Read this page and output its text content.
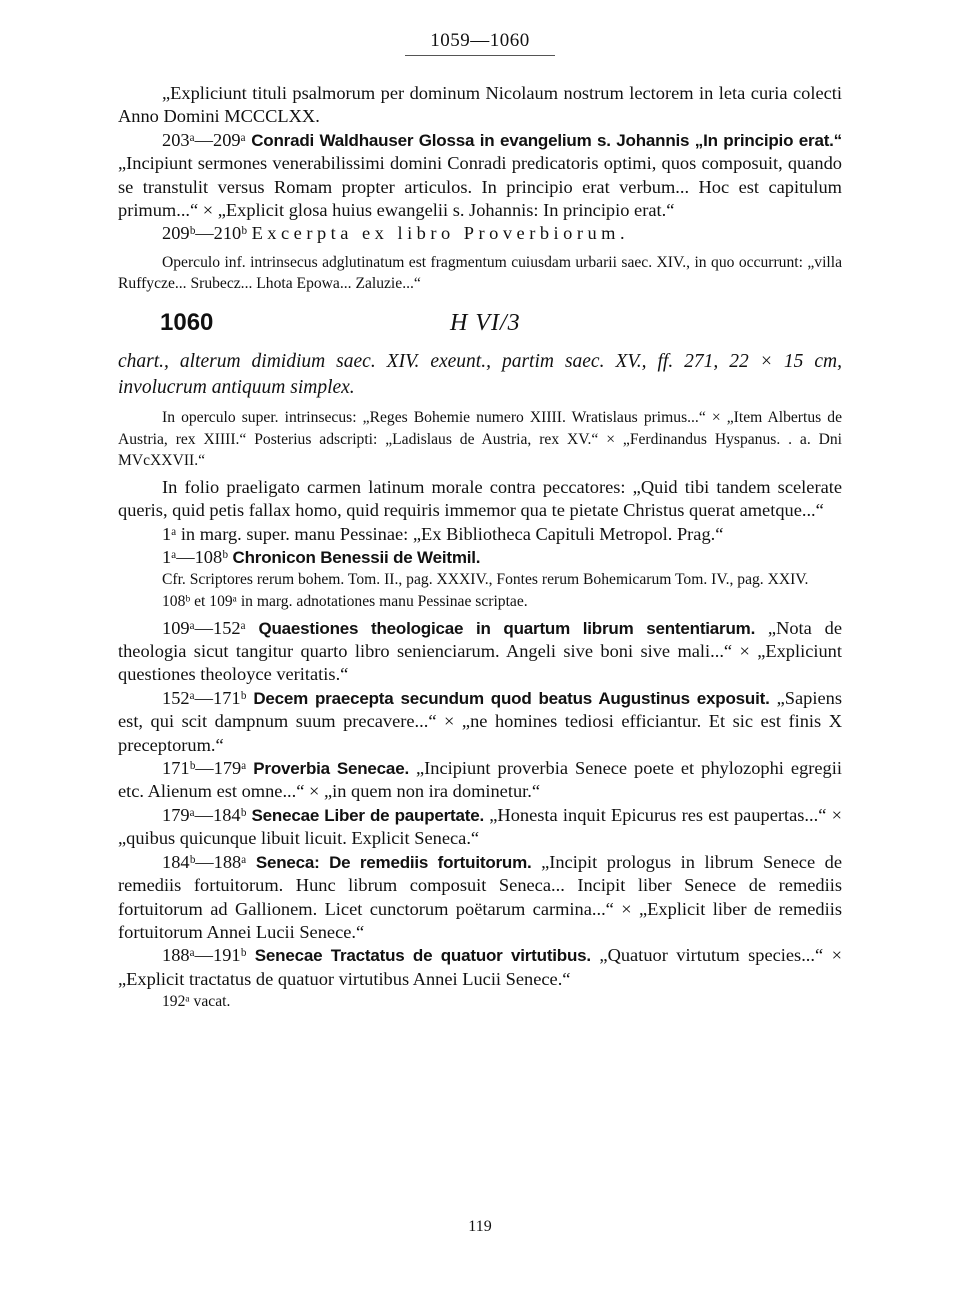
1059—1060

„Expliciunt tituli psalmorum per dominum Nicolaum nostrum lectorem in leta curia colecti Anno Domini MCCCLXX.

203ᵃ—209ᵃ Conradi Waldhauser Glossa in evangelium s. Johannis „In principio erat.“ „Incipiunt sermones venerabilissimi domini Conradi predicatoris optimi, quos composuit, quando se transtulit versus Romam propter articulos. In principio erat verbum... Hoc est capitulum primum...“ × „Explicit glosa huius ewangelii s. Johannis: In principio erat.“

209ᵇ—210ᵇ Excerpta ex libro Proverbiorum.

Operculo inf. intrinsecus adglutinatum est fragmentum cuiusdam urbarii saec. XIV., in quo occurrunt: „villa Ruffycze... Srubecz... Lhota Epowa... Zaluzie...“

1060	H VI/3

chart., alterum dimidium saec. XIV. exeunt., partim saec. XV., ff. 271, 22 × 15 cm, involucrum antiquum simplex.

In operculo super. intrinsecus: „Reges Bohemie numero XIIII. Wratislaus primus...“ × „Item Albertus de Austria, rex XIIII.“ Posterius adscripti: „Ladislaus de Austria, rex XV.“ × „Ferdinandus Hyspanus. . a. Dni MVcXXVII.“

In folio praeligato carmen latinum morale contra peccatores: „Quid tibi tandem scelerate queris, quid petis fallax homo, quid requiris immemor qua te pietate Christus querat ametque...“

1ᵃ in marg. super. manu Pessinae: „Ex Bibliotheca Capituli Metropol. Prag.“

1ᵃ—108ᵇ Chronicon Benessii de Weitmil.

Cfr. Scriptores rerum bohem. Tom. II., pag. XXXIV., Fontes rerum Bohemicarum Tom. IV., pag. XXIV.

108ᵇ et 109ᵃ in marg. adnotationes manu Pessinae scriptae.

109ᵃ—152ᵃ Quaestiones theologicae in quartum librum sententiarum. „Nota de theologia sicut tangitur quarto libro senienciarum. Angeli sive boni sive mali...“ × „Expliciunt questiones theoloyce veritatis.“

152ᵃ—171ᵇ Decem praecepta secundum quod beatus Augustinus exposuit. „Sapiens est, qui scit dampnum suum precavere...“ × „ne homines tediosi efficiantur. Et sic est finis X preceptorum.“

171ᵇ—179ᵃ Proverbia Senecae. „Incipiunt proverbia Senece poete et phylozophi egregii etc. Alienum est omne...“ × „in quem non ira dominetur.“

179ᵃ—184ᵇ Senecae Liber de paupertate. „Honesta inquit Epicurus res est paupertas...“ × „quibus quicunque libuit licuit. Explicit Seneca.“

184ᵇ—188ᵃ Seneca: De remediis fortuitorum. „Incipit prologus in librum Senece de remediis fortuitorum. Hunc librum composuit Seneca... Incipit liber Senece de remediis fortuitorum ad Gallionem. Licet cunctorum poëtarum carmina...“ × „Explicit liber de remediis fortuitorum Annei Lucii Senece.“

188ᵃ—191ᵇ Senecae Tractatus de quatuor virtutibus. „Quatuor virtutum species...“ × „Explicit tractatus de quatuor virtutibus Annei Lucii Senece.“

192ᵃ vacat.

119
